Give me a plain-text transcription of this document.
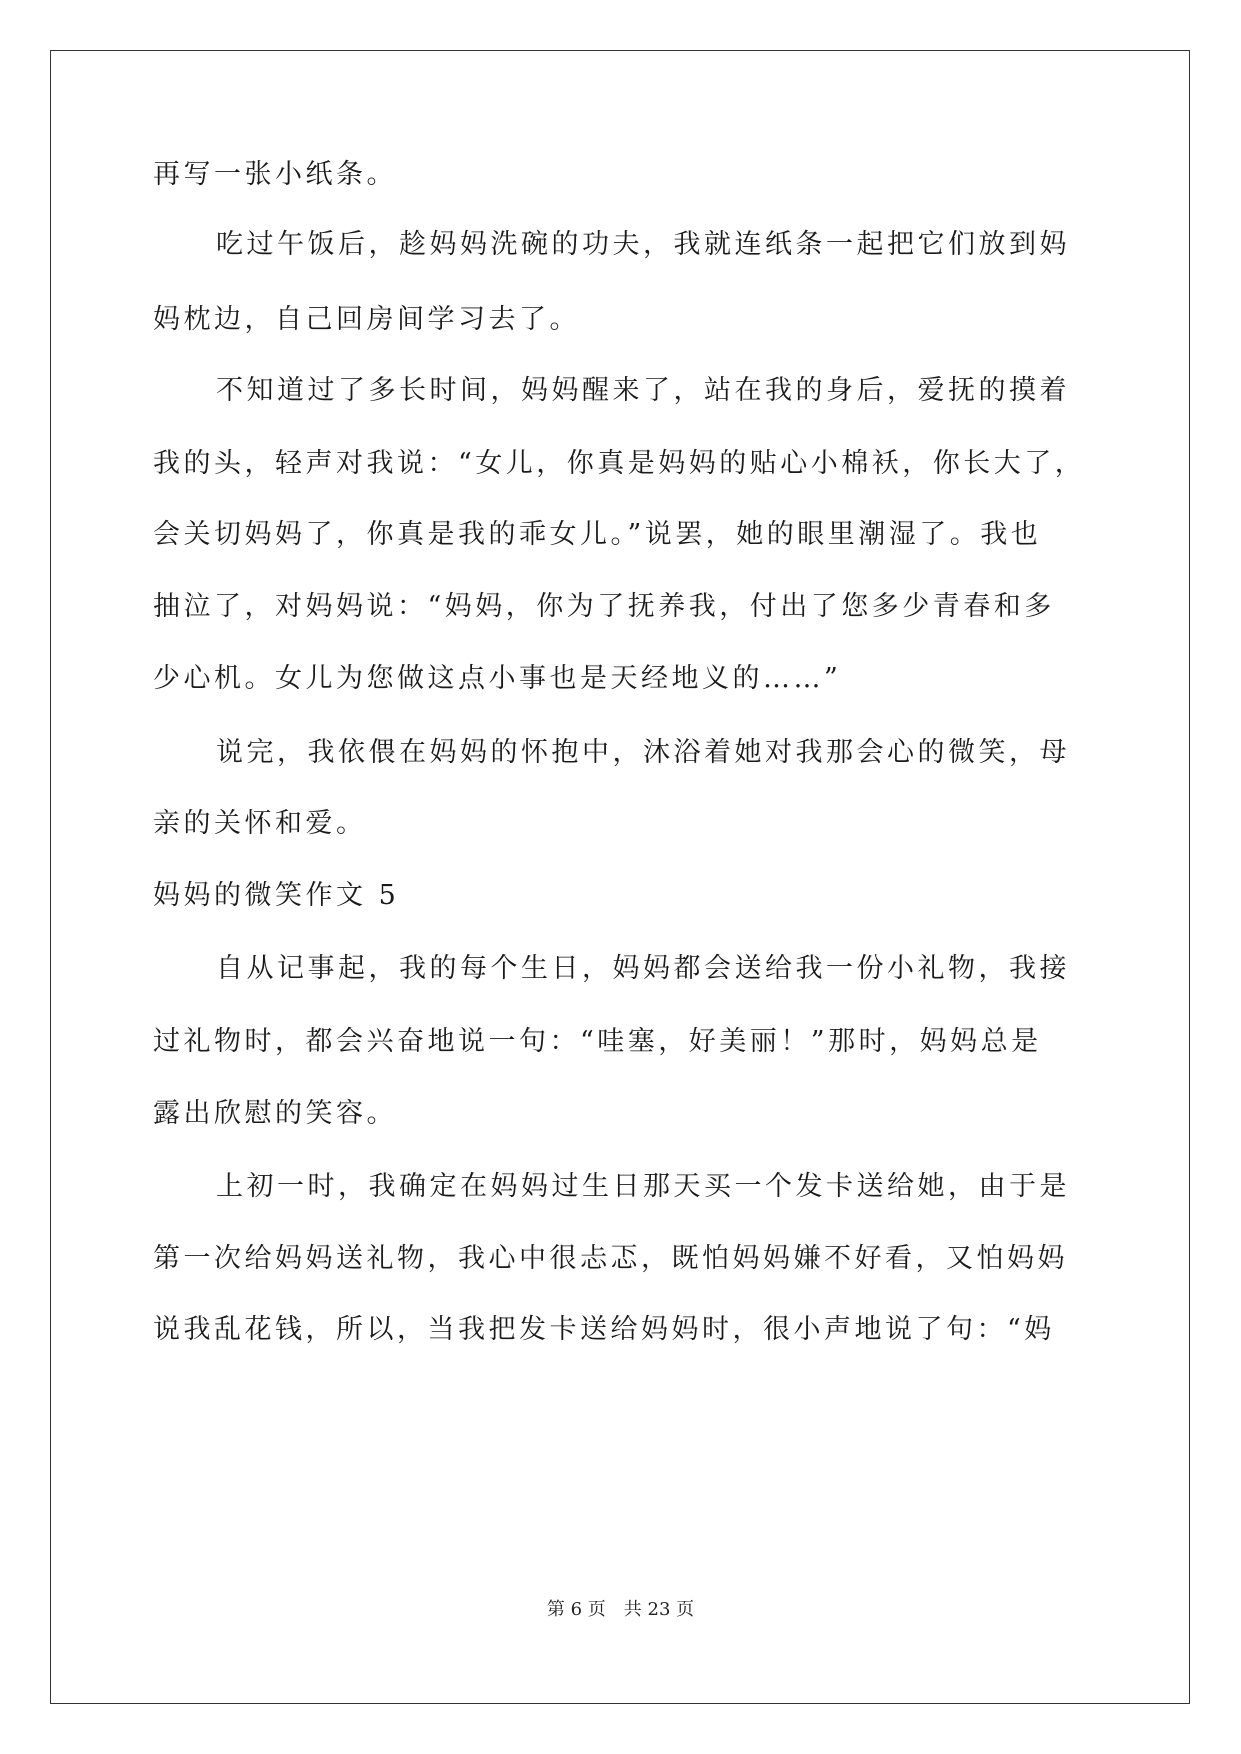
再写一张小纸条。
吃过午饭后，趁妈妈洗碗的功夫，我就连纸条一起把它们放到妈
妈枕边，自己回房间学习去了。
不知道过了多长时间，妈妈醒来了，站在我的身后，爱抚的摸着
我的头，轻声对我说：“女儿，你真是妈妈的贴心小棉袄，你长大了，
会关切妈妈了，你真是我的乖女儿。”说罢，她的眼里潮湿了。我也
抽泣了，对妈妈说：“妈妈，你为了抚养我，付出了您多少青春和多
少心机。女儿为您做这点小事也是天经地义的……”
说完，我依偎在妈妈的怀抱中，沐浴着她对我那会心的微笑，母
亲的关怀和爱。
妈妈的微笑作文 5
自从记事起，我的每个生日，妈妈都会送给我一份小礼物，我接
过礼物时，都会兴奋地说一句：“哇塞，好美丽！”那时，妈妈总是
露出欣慰的笑容。
上初一时，我确定在妈妈过生日那天买一个发卡送给她，由于是
第一次给妈妈送礼物，我心中很忐忑，既怕妈妈嫌不好看，又怕妈妈
说我乱花钱，所以，当我把发卡送给妈妈时，很小声地说了句：“妈
第 6 页 共 23 页
